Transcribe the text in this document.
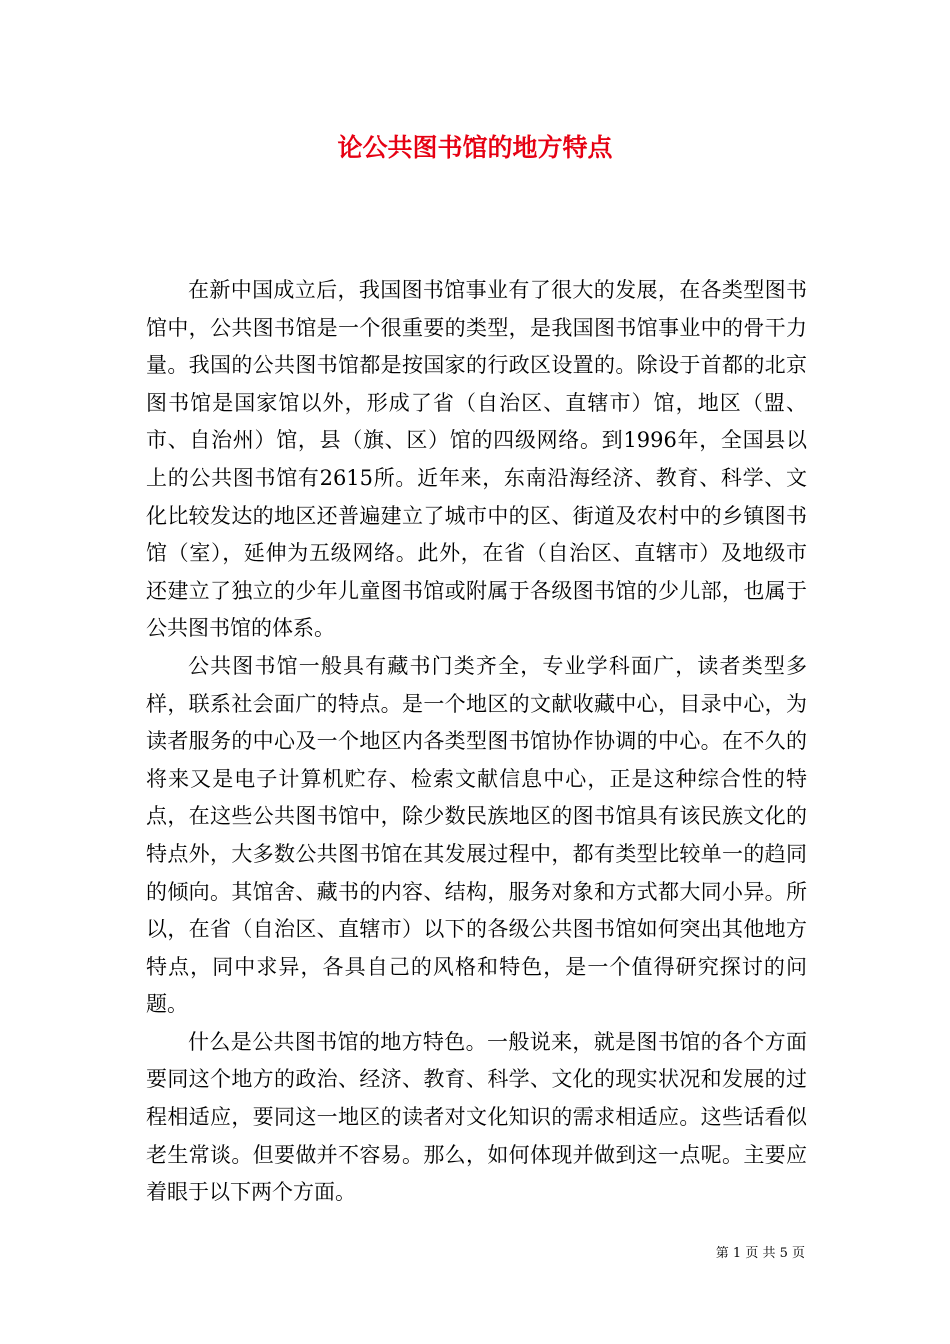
论公共图书馆的地方特点

在新中国成立后，我国图书馆事业有了很大的发展，在各类型图书馆中，公共图书馆是一个很重要的类型，是我国图书馆事业中的骨干力量。我国的公共图书馆都是按国家的行政区设置的。除设于首都的北京图书馆是国家馆以外，形成了省（自治区、直辖市）馆，地区（盟、市、自治州）馆，县（旗、区）馆的四级网络。到1996年，全国县以上的公共图书馆有2615所。近年来，东南沿海经济、教育、科学、文化比较发达的地区还普遍建立了城市中的区、街道及农村中的乡镇图书馆（室），延伸为五级网络。此外，在省（自治区、直辖市）及地级市还建立了独立的少年儿童图书馆或附属于各级图书馆的少儿部，也属于公共图书馆的体系。

公共图书馆一般具有藏书门类齐全，专业学科面广，读者类型多样，联系社会面广的特点。是一个地区的文献收藏中心，目录中心，为读者服务的中心及一个地区内各类型图书馆协作协调的中心。在不久的将来又是电子计算机贮存、检索文献信息中心，正是这种综合性的特点，在这些公共图书馆中，除少数民族地区的图书馆具有该民族文化的特点外，大多数公共图书馆在其发展过程中，都有类型比较单一的趋同的倾向。其馆舍、藏书的内容、结构，服务对象和方式都大同小异。所以，在省（自治区、直辖市）以下的各级公共图书馆如何突出其他地方特点，同中求异，各具自己的风格和特色，是一个值得研究探讨的问题。

什么是公共图书馆的地方特色。一般说来，就是图书馆的各个方面要同这个地方的政治、经济、教育、科学、文化的现实状况和发展的过程相适应，要同这一地区的读者对文化知识的需求相适应。这些话看似老生常谈。但要做并不容易。那么，如何体现并做到这一点呢。主要应着眼于以下两个方面。

第 1 页 共 5 页
